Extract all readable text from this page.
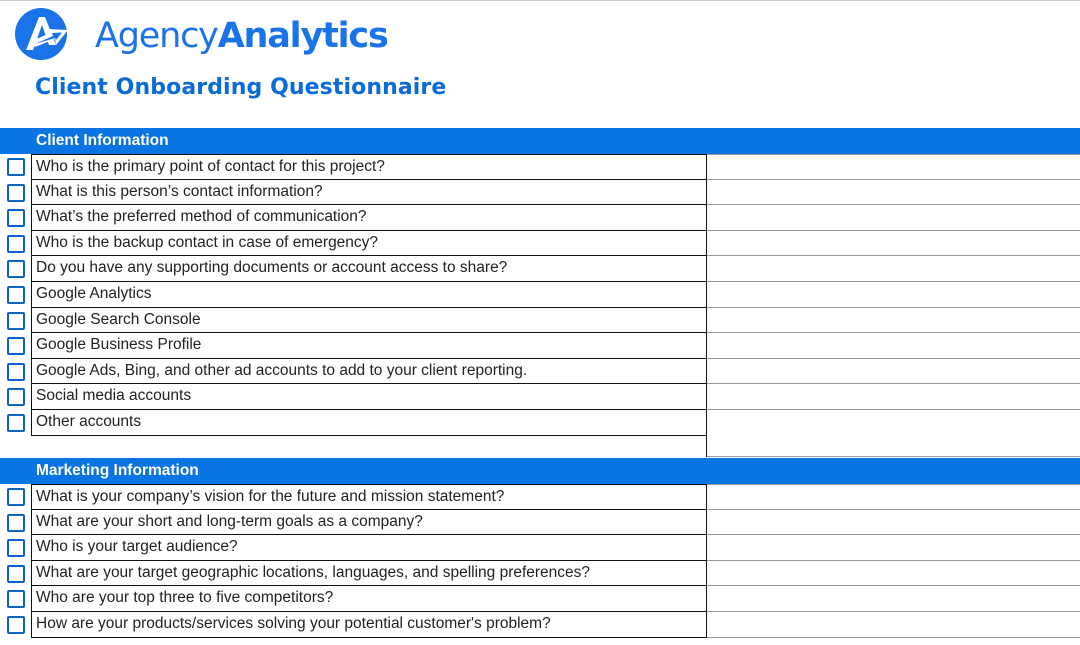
AgencyAnalytics
Client Onboarding Questionnaire
Client Information
Who is the primary point of contact for this project?
What is this person’s contact information?
What’s the preferred method of communication?
Who is the backup contact in case of emergency?
Do you have any supporting documents or account access to share?
Google Analytics
Google Search Console
Google Business Profile
Google Ads, Bing, and other ad accounts to add to your client reporting.
Social media accounts
Other accounts
Marketing Information
What is your company’s vision for the future and mission statement?
What are your short and long-term goals as a company?
Who is your target audience?
What are your target geographic locations, languages, and spelling preferences?
Who are your top three to five competitors?
How are your products/services solving your potential customer's problem?
